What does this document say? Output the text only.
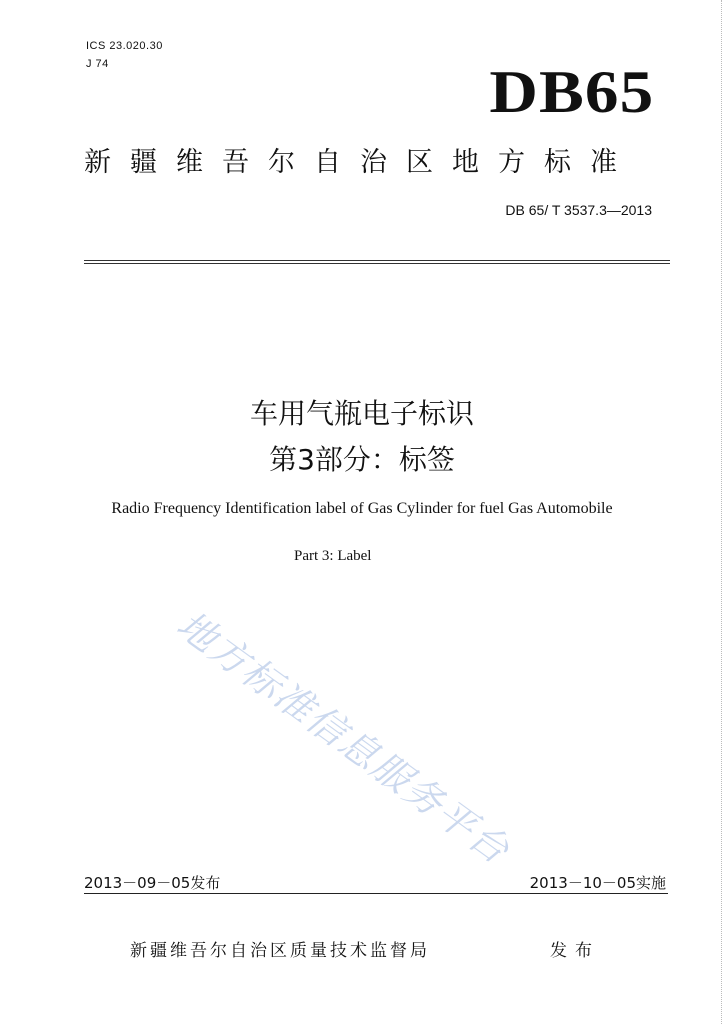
ICS 23.020.30
J 74	DB65
新疆维吾尔自治区地方标准
DB 65/ T 3537.3—2013
车用气瓶电子标识
第3部分：标签
Radio Frequency Identification label of Gas Cylinder for fuel Gas Automobile
Part 3: Label
地方标准信息服务平台
2013－09－05发布	2013－10－05实施
新疆维吾尔自治区质量技术监督局	发布
